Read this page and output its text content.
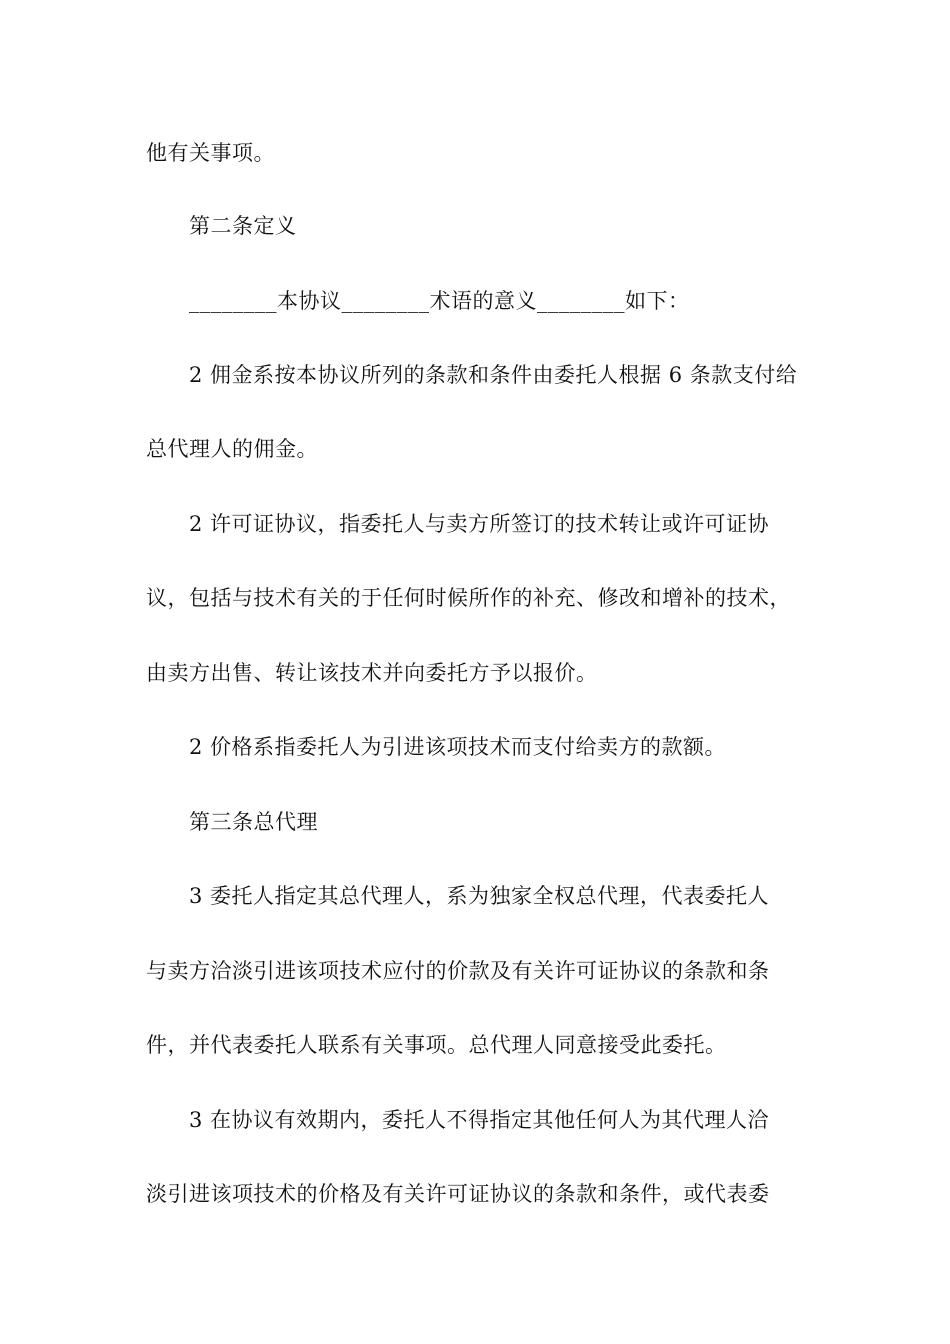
他有关事项。
第二条定义
________本协议________术语的意义________如下：
2 佣金系按本协议所列的条款和条件由委托人根据 6 条款支付给
总代理人的佣金。
2 许可证协议，指委托人与卖方所签订的技术转让或许可证协
议，包括与技术有关的于任何时候所作的补充、修改和增补的技术，
由卖方出售、转让该技术并向委托方予以报价。
2 价格系指委托人为引进该项技术而支付给卖方的款额。
第三条总代理
3 委托人指定其总代理人，系为独家全权总代理，代表委托人
与卖方洽淡引进该项技术应付的价款及有关许可证协议的条款和条
件，并代表委托人联系有关事项。总代理人同意接受此委托。
3 在协议有效期内，委托人不得指定其他任何人为其代理人洽
淡引进该项技术的价格及有关许可证协议的条款和条件，或代表委
